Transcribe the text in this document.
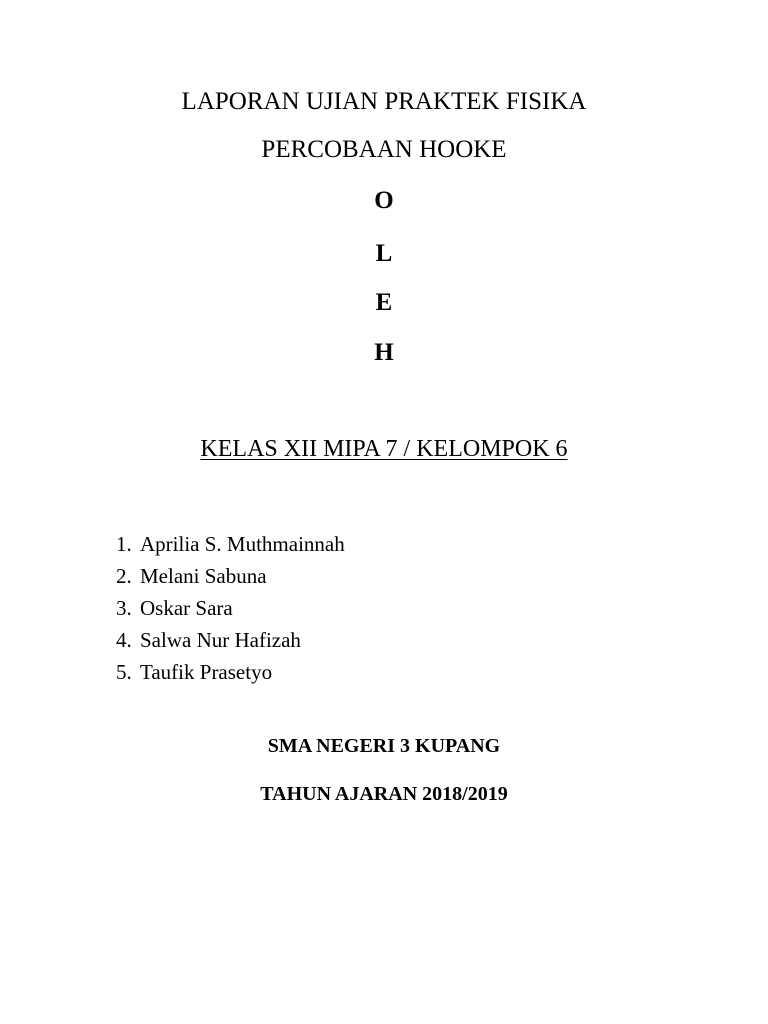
LAPORAN UJIAN PRAKTEK FISIKA
PERCOBAAN HOOKE
O
L
E
H
KELAS XII MIPA 7 / KELOMPOK 6
1. Aprilia S. Muthmainnah
2. Melani Sabuna
3. Oskar Sara
4. Salwa Nur Hafizah
5. Taufik Prasetyo
SMA NEGERI 3 KUPANG
TAHUN AJARAN 2018/2019
